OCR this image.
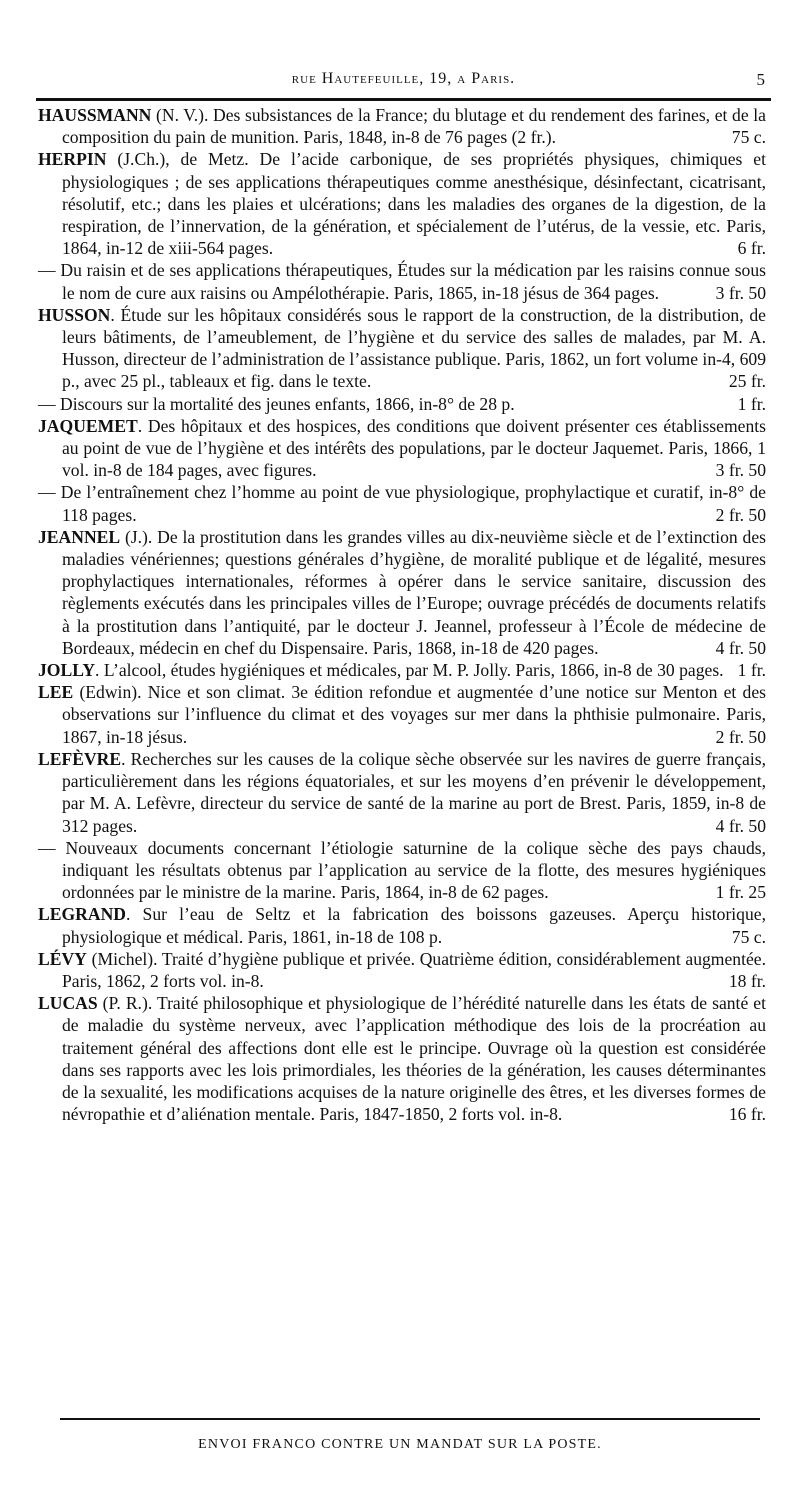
rue Hautefeuille, 19, a Paris.	5

HAUSSMANN (N. V.). Des subsistances de la France; du blutage et du rendement des farines, et de la composition du pain de munition. Paris, 1848, in-8 de 76 pages (2 fr.).	75 c.

HERPIN (J.Ch.), de Metz. De l’acide carbonique, de ses propriétés physiques, chimiques et physiologiques ; de ses applications thérapeutiques comme anesthésique, désinfectant, cicatrisant, résolutif, etc.; dans les plaies et ulcérations; dans les maladies des organes de la digestion, de la respiration, de l’innervation, de la génération, et spécialement de l’utérus, de la vessie, etc. Paris, 1864, in-12 de xiii-564 pages.	6 fr.

— Du raisin et de ses applications thérapeutiques, Études sur la médication par les raisins connue sous le nom de cure aux raisins ou Ampélothérapie. Paris, 1865, in-18 jésus de 364 pages.	3 fr. 50

HUSSON. Étude sur les hôpitaux considérés sous le rapport de la construction, de la distribution, de leurs bâtiments, de l’ameublement, de l’hygiène et du service des salles de malades, par M. A. Husson, directeur de l’administration de l’assistance publique. Paris, 1862, un fort volume in-4, 609 p., avec 25 pl., tableaux et fig. dans le texte.	25 fr.

— Discours sur la mortalité des jeunes enfants, 1866, in-8° de 28 p.	1 fr.

JAQUEMET. Des hôpitaux et des hospices, des conditions que doivent présenter ces établissements au point de vue de l’hygiène et des intérêts des populations, par le docteur Jaquemet. Paris, 1866, 1 vol. in-8 de 184 pages, avec figures.	3 fr. 50

— De l’entraînement chez l’homme au point de vue physiologique, prophylactique et curatif, in-8° de 118 pages.	2 fr. 50

JEANNEL (J.). De la prostitution dans les grandes villes au dix-neuvième siècle et de l’extinction des maladies vénériennes; questions générales d’hygiène, de moralité publique et de légalité, mesures prophylactiques internationales, réformes à opérer dans le service sanitaire, discussion des règlements exécutés dans les principales villes de l’Europe; ouvrage précédés de documents relatifs à la prostitution dans l’antiquité, par le docteur J. Jeannel, professeur à l’École de médecine de Bordeaux, médecin en chef du Dispensaire. Paris, 1868, in-18 de 420 pages.	4 fr. 50

JOLLY. L’alcool, études hygiéniques et médicales, par M. P. Jolly. Paris, 1866, in-8 de 30 pages. 1 fr.

LEE (Edwin). Nice et son climat. 3e édition refondue et augmentée d’une notice sur Menton et des observations sur l’influence du climat et des voyages sur mer dans la phthisie pulmonaire. Paris, 1867, in-18 jésus.	2 fr. 50

LEFÈVRE. Recherches sur les causes de la colique sèche observée sur les navires de guerre français, particulièrement dans les régions équatoriales, et sur les moyens d’en prévenir le développement, par M. A. Lefèvre, directeur du service de santé de la marine au port de Brest. Paris, 1859, in-8 de 312 pages.	4 fr. 50

— Nouveaux documents concernant l’étiologie saturnine de la colique sèche des pays chauds, indiquant les résultats obtenus par l’application au service de la flotte, des mesures hygiéniques ordonnées par le ministre de la marine. Paris, 1864, in-8 de 62 pages.	1 fr. 25

LEGRAND. Sur l’eau de Seltz et la fabrication des boissons gazeuses. Aperçu historique, physiologique et médical. Paris, 1861, in-18 de 108 p.	75 c.

LÉVY (Michel). Traité d’hygiène publique et privée. Quatrième édition, considérablement augmentée. Paris, 1862, 2 forts vol. in-8.	18 fr.

LUCAS (P. R.). Traité philosophique et physiologique de l’hérédité naturelle dans les états de santé et de maladie du système nerveux, avec l’application méthodique des lois de la procréation au traitement général des affections dont elle est le principe. Ouvrage où la question est considérée dans ses rapports avec les lois primordiales, les théories de la génération, les causes déterminantes de la sexualité, les modifications acquises de la nature originelle des êtres, et les diverses formes de névropathie et d’aliénation mentale. Paris, 1847-1850, 2 forts vol. in-8.	16 fr.

ENVOI FRANCO CONTRE UN MANDAT SUR LA POSTE.
